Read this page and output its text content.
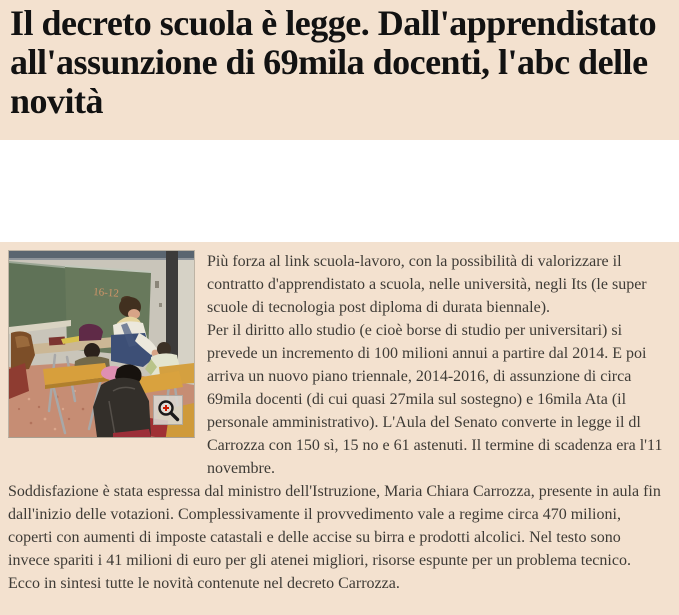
Il decreto scuola è legge. Dall'apprendistato all'assunzione di 69mila docenti, l'abc delle novità
16-12

Più forza al link scuola-lavoro, con la possibilità di valorizzare il contratto d'apprendistato a scuola, nelle università, negli Its (le super scuole di tecnologia post diploma di durata biennale).

Per il diritto allo studio (e cioè borse di studio per universitari) si prevede un incremento di 100 milioni annui a partire dal 2014. E poi arriva un nuovo piano triennale, 2014-2016, di assunzione di circa 69mila docenti (di cui quasi 27mila sul sostegno) e 16mila Ata (il personale amministrativo). L'Aula del Senato converte in legge il dl Carrozza con 150 sì, 15 no e 61 astenuti. Il termine di scadenza era l'11 novembre.

Soddisfazione è stata espressa dal ministro dell'Istruzione, Maria Chiara Carrozza, presente in aula fin dall'inizio delle votazioni. Complessivamente il provvedimento vale a regime circa 470 milioni, coperti con aumenti di imposte catastali e delle accise su birra e prodotti alcolici. Nel testo sono invece spariti i 41 milioni di euro per gli atenei migliori, risorse espunte per un problema tecnico. Ecco in sintesi tutte le novità contenute nel decreto Carrozza.
